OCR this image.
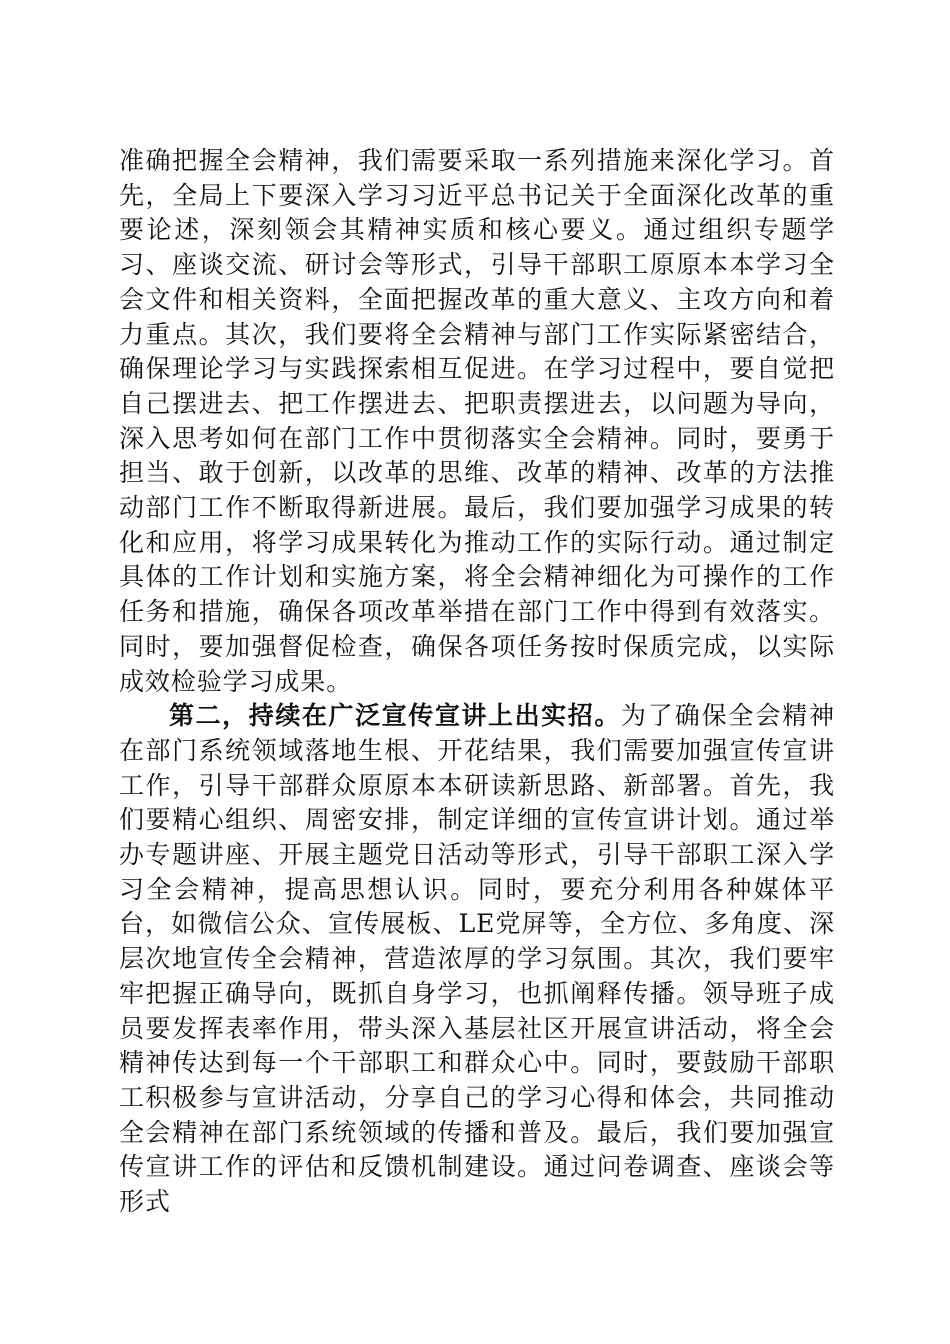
准确把握全会精神，我们需要采取一系列措施来深化学习。首先，全局上下要深入学习习近平总书记关于全面深化改革的重要论述，深刻领会其精神实质和核心要义。通过组织专题学习、座谈交流、研讨会等形式，引导干部职工原原本本学习全会文件和相关资料，全面把握改革的重大意义、主攻方向和着力重点。其次，我们要将全会精神与部门工作实际紧密结合，确保理论学习与实践探索相互促进。在学习过程中，要自觉把自己摆进去、把工作摆进去、把职责摆进去，以问题为导向，深入思考如何在部门工作中贯彻落实全会精神。同时，要勇于担当、敢于创新，以改革的思维、改革的精神、改革的方法推动部门工作不断取得新进展。最后，我们要加强学习成果的转化和应用，将学习成果转化为推动工作的实际行动。通过制定具体的工作计划和实施方案，将全会精神细化为可操作的工作任务和措施，确保各项改革举措在部门工作中得到有效落实。同时，要加强督促检查，确保各项任务按时保质完成，以实际成效检验学习成果。

第二，持续在广泛宣传宣讲上出实招。为了确保全会精神在部门系统领域落地生根、开花结果，我们需要加强宣传宣讲工作，引导干部群众原原本本研读新思路、新部署。首先，我们要精心组织、周密安排，制定详细的宣传宣讲计划。通过举办专题讲座、开展主题党日活动等形式，引导干部职工深入学习全会精神，提高思想认识。同时，要充分利用各种媒体平台，如微信公众、宣传展板、LE党屏等，全方位、多角度、深层次地宣传全会精神，营造浓厚的学习氛围。其次，我们要牢牢把握正确导向，既抓自身学习，也抓阐释传播。领导班子成员要发挥表率作用，带头深入基层社区开展宣讲活动，将全会精神传达到每一个干部职工和群众心中。同时，要鼓励干部职工积极参与宣讲活动，分享自己的学习心得和体会，共同推动全会精神在部门系统领域的传播和普及。最后，我们要加强宣传宣讲工作的评估和反馈机制建设。通过问卷调查、座谈会等形式
